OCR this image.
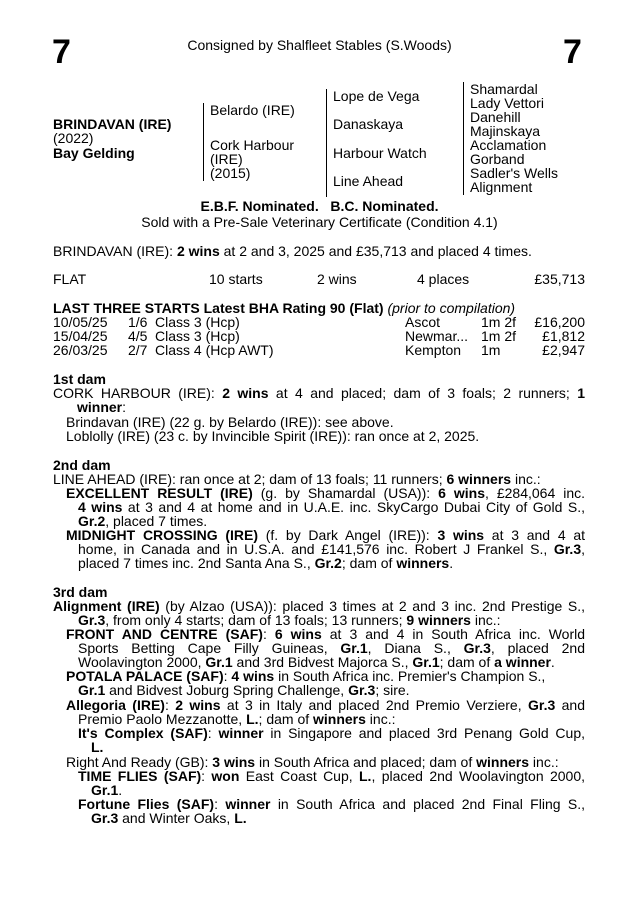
7	7
Consigned by Shalfleet Stables (S.Woods)
BRINDAVAN (IRE)
(2022)
Bay Gelding
Belardo (IRE)
Cork Harbour
(IRE)
(2015)
Lope de Vega
Danaskaya
Harbour Watch
Line Ahead
Shamardal
Lady Vettori
Danehill
Majinskaya
Acclamation
Gorband
Sadler's Wells
Alignment
E.B.F. Nominated.   B.C. Nominated.
Sold with a Pre-Sale Veterinary Certificate (Condition 4.1)
BRINDAVAN (IRE): 2 wins at 2 and 3, 2025 and £35,713 and placed 4 times.
FLAT	10 starts	2 wins	4 places	£35,713
LAST THREE STARTS Latest BHA Rating 90 (Flat) (prior to compilation)
10/05/25 1/6 Class 3 (Hcp)	Ascot	1m 2f	£16,200
15/04/25 4/5 Class 3 (Hcp)	Newmar... 1m 2f	£1,812
26/03/25 2/7 Class 4 (Hcp AWT)	Kempton 1m	£2,947
1st dam
CORK HARBOUR (IRE): 2 wins at 4 and placed; dam of 3 foals; 2 runners; 1
winner:
Brindavan (IRE) (22 g. by Belardo (IRE)): see above.
Loblolly (IRE) (23 c. by Invincible Spirit (IRE)): ran once at 2, 2025.
2nd dam
LINE AHEAD (IRE): ran once at 2; dam of 13 foals; 11 runners; 6 winners inc.:
EXCELLENT RESULT (IRE) (g. by Shamardal (USA)): 6 wins, £284,064 inc.
4 wins at 3 and 4 at home and in U.A.E. inc. SkyCargo Dubai City of Gold S.,
Gr.2, placed 7 times.
MIDNIGHT CROSSING (IRE) (f. by Dark Angel (IRE)): 3 wins at 3 and 4 at
home, in Canada and in U.S.A. and £141,576 inc. Robert J Frankel S., Gr.3,
placed 7 times inc. 2nd Santa Ana S., Gr.2; dam of winners.
3rd dam
Alignment (IRE) (by Alzao (USA)): placed 3 times at 2 and 3 inc. 2nd Prestige S.,
Gr.3, from only 4 starts; dam of 13 foals; 13 runners; 9 winners inc.:
FRONT AND CENTRE (SAF): 6 wins at 3 and 4 in South Africa inc. World
Sports Betting Cape Filly Guineas, Gr.1, Diana S., Gr.3, placed 2nd
Woolavington 2000, Gr.1 and 3rd Bidvest Majorca S., Gr.1; dam of a winner.
POTALA PALACE (SAF): 4 wins in South Africa inc. Premier's Champion S.,
Gr.1 and Bidvest Joburg Spring Challenge, Gr.3; sire.
Allegoria (IRE): 2 wins at 3 in Italy and placed 2nd Premio Verziere, Gr.3 and
Premio Paolo Mezzanotte, L.; dam of winners inc.:
It's Complex (SAF): winner in Singapore and placed 3rd Penang Gold Cup,
L.
Right And Ready (GB): 3 wins in South Africa and placed; dam of winners inc.:
TIME FLIES (SAF): won East Coast Cup, L., placed 2nd Woolavington 2000,
Gr.1.
Fortune Flies (SAF): winner in South Africa and placed 2nd Final Fling S.,
Gr.3 and Winter Oaks, L.
